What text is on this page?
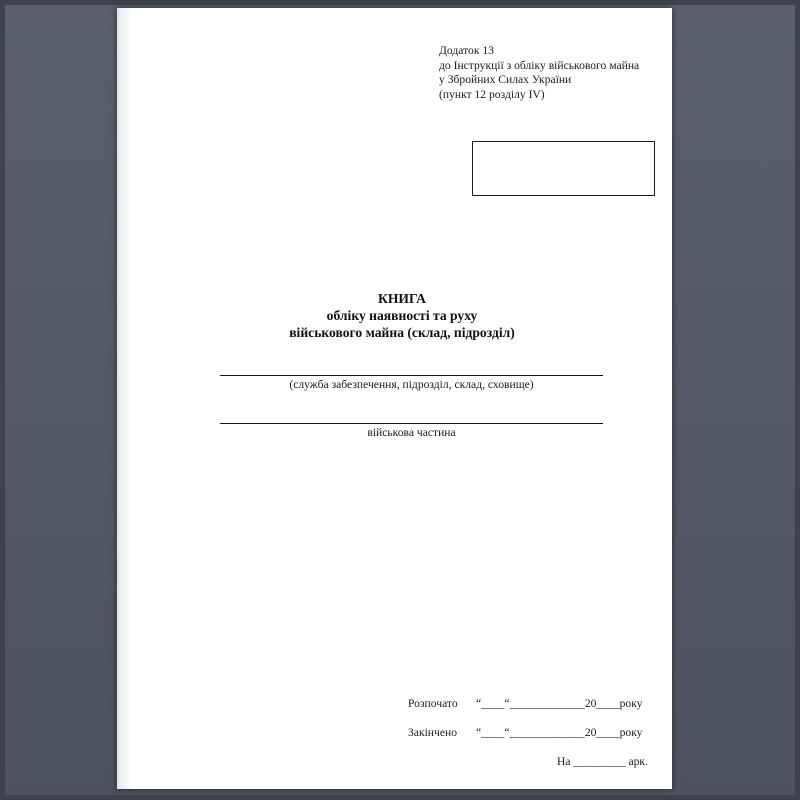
Додаток 13
до Інструкції з обліку військового майна
у Збройних Силах України
(пункт 12 розділу IV)
КНИГА
обліку наявності та руху
військового майна (склад, підрозділ)
(служба забезпечення, підрозділ, склад, сховище)
військова частина
Розпочато “____“_____________20____року
Закінчено “____“_____________20____року
На _________ арк.
